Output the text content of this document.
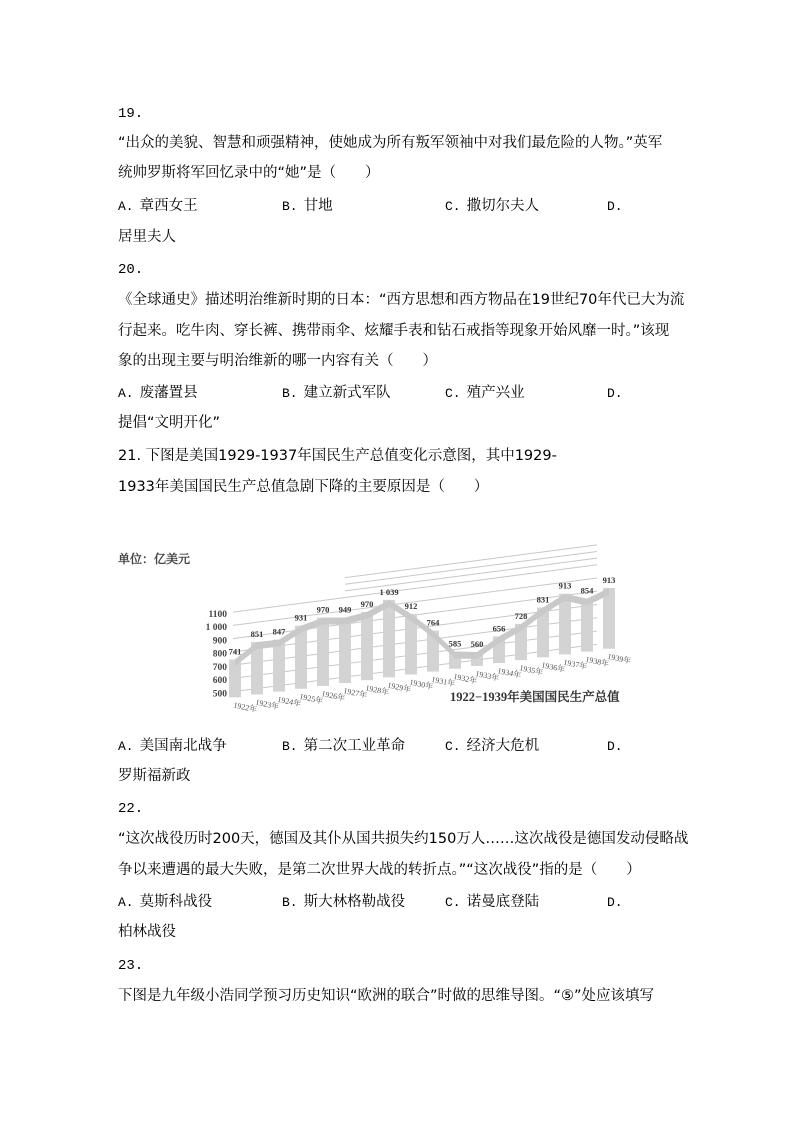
19.
“出众的美貌、智慧和顽强精神，使她成为所有叛军领袖中对我们最危险的人物。”英军
统帅罗斯将军回忆录中的“她”是（　　）
A. 章西女王	B. 甘地	C. 撒切尔夫人	D.
居里夫人
20.
《全球通史》描述明治维新时期的日本：“西方思想和西方物品在19世纪70年代已大为流
行起来。吃牛肉、穿长裤、携带雨伞、炫耀手表和钻石戒指等现象开始风靡一时。”该现
象的出现主要与明治维新的哪一内容有关（　　）
A. 废藩置县	B. 建立新式军队	C. 殖产兴业	D.
提倡“文明开化”
21. 下图是美国1929-1937年国民生产总值变化示意图，其中1929-
1933年美国国民生产总值急剧下降的主要原因是（　　）
500
600
700
800
900
1 000
1100
741
851 847
931
970 949
970
1 039
912
764
585 560
656
728
831
913 854
913
1922年
1923年
1924年
1925年
1926年
1927年
1928年
1929年
1930年
1931年
1932年
1933年
1934年
1935年
1936年
1937年
1938年
1939年
单位：亿美元
1922−1939年美国国民生产总值
A. 美国南北战争	B. 第二次工业革命	C. 经济大危机	D.
罗斯福新政
22.
“这次战役历时200天，德国及其仆从国共损失约150万人……这次战役是德国发动侵略战
争以来遭遇的最大失败，是第二次世界大战的转折点。”“这次战役”指的是（　　）
A. 莫斯科战役	B. 斯大林格勒战役	C. 诺曼底登陆	D.
柏林战役
23.
下图是九年级小浩同学预习历史知识“欧洲的联合”时做的思维导图。“⑤”处应该填写
